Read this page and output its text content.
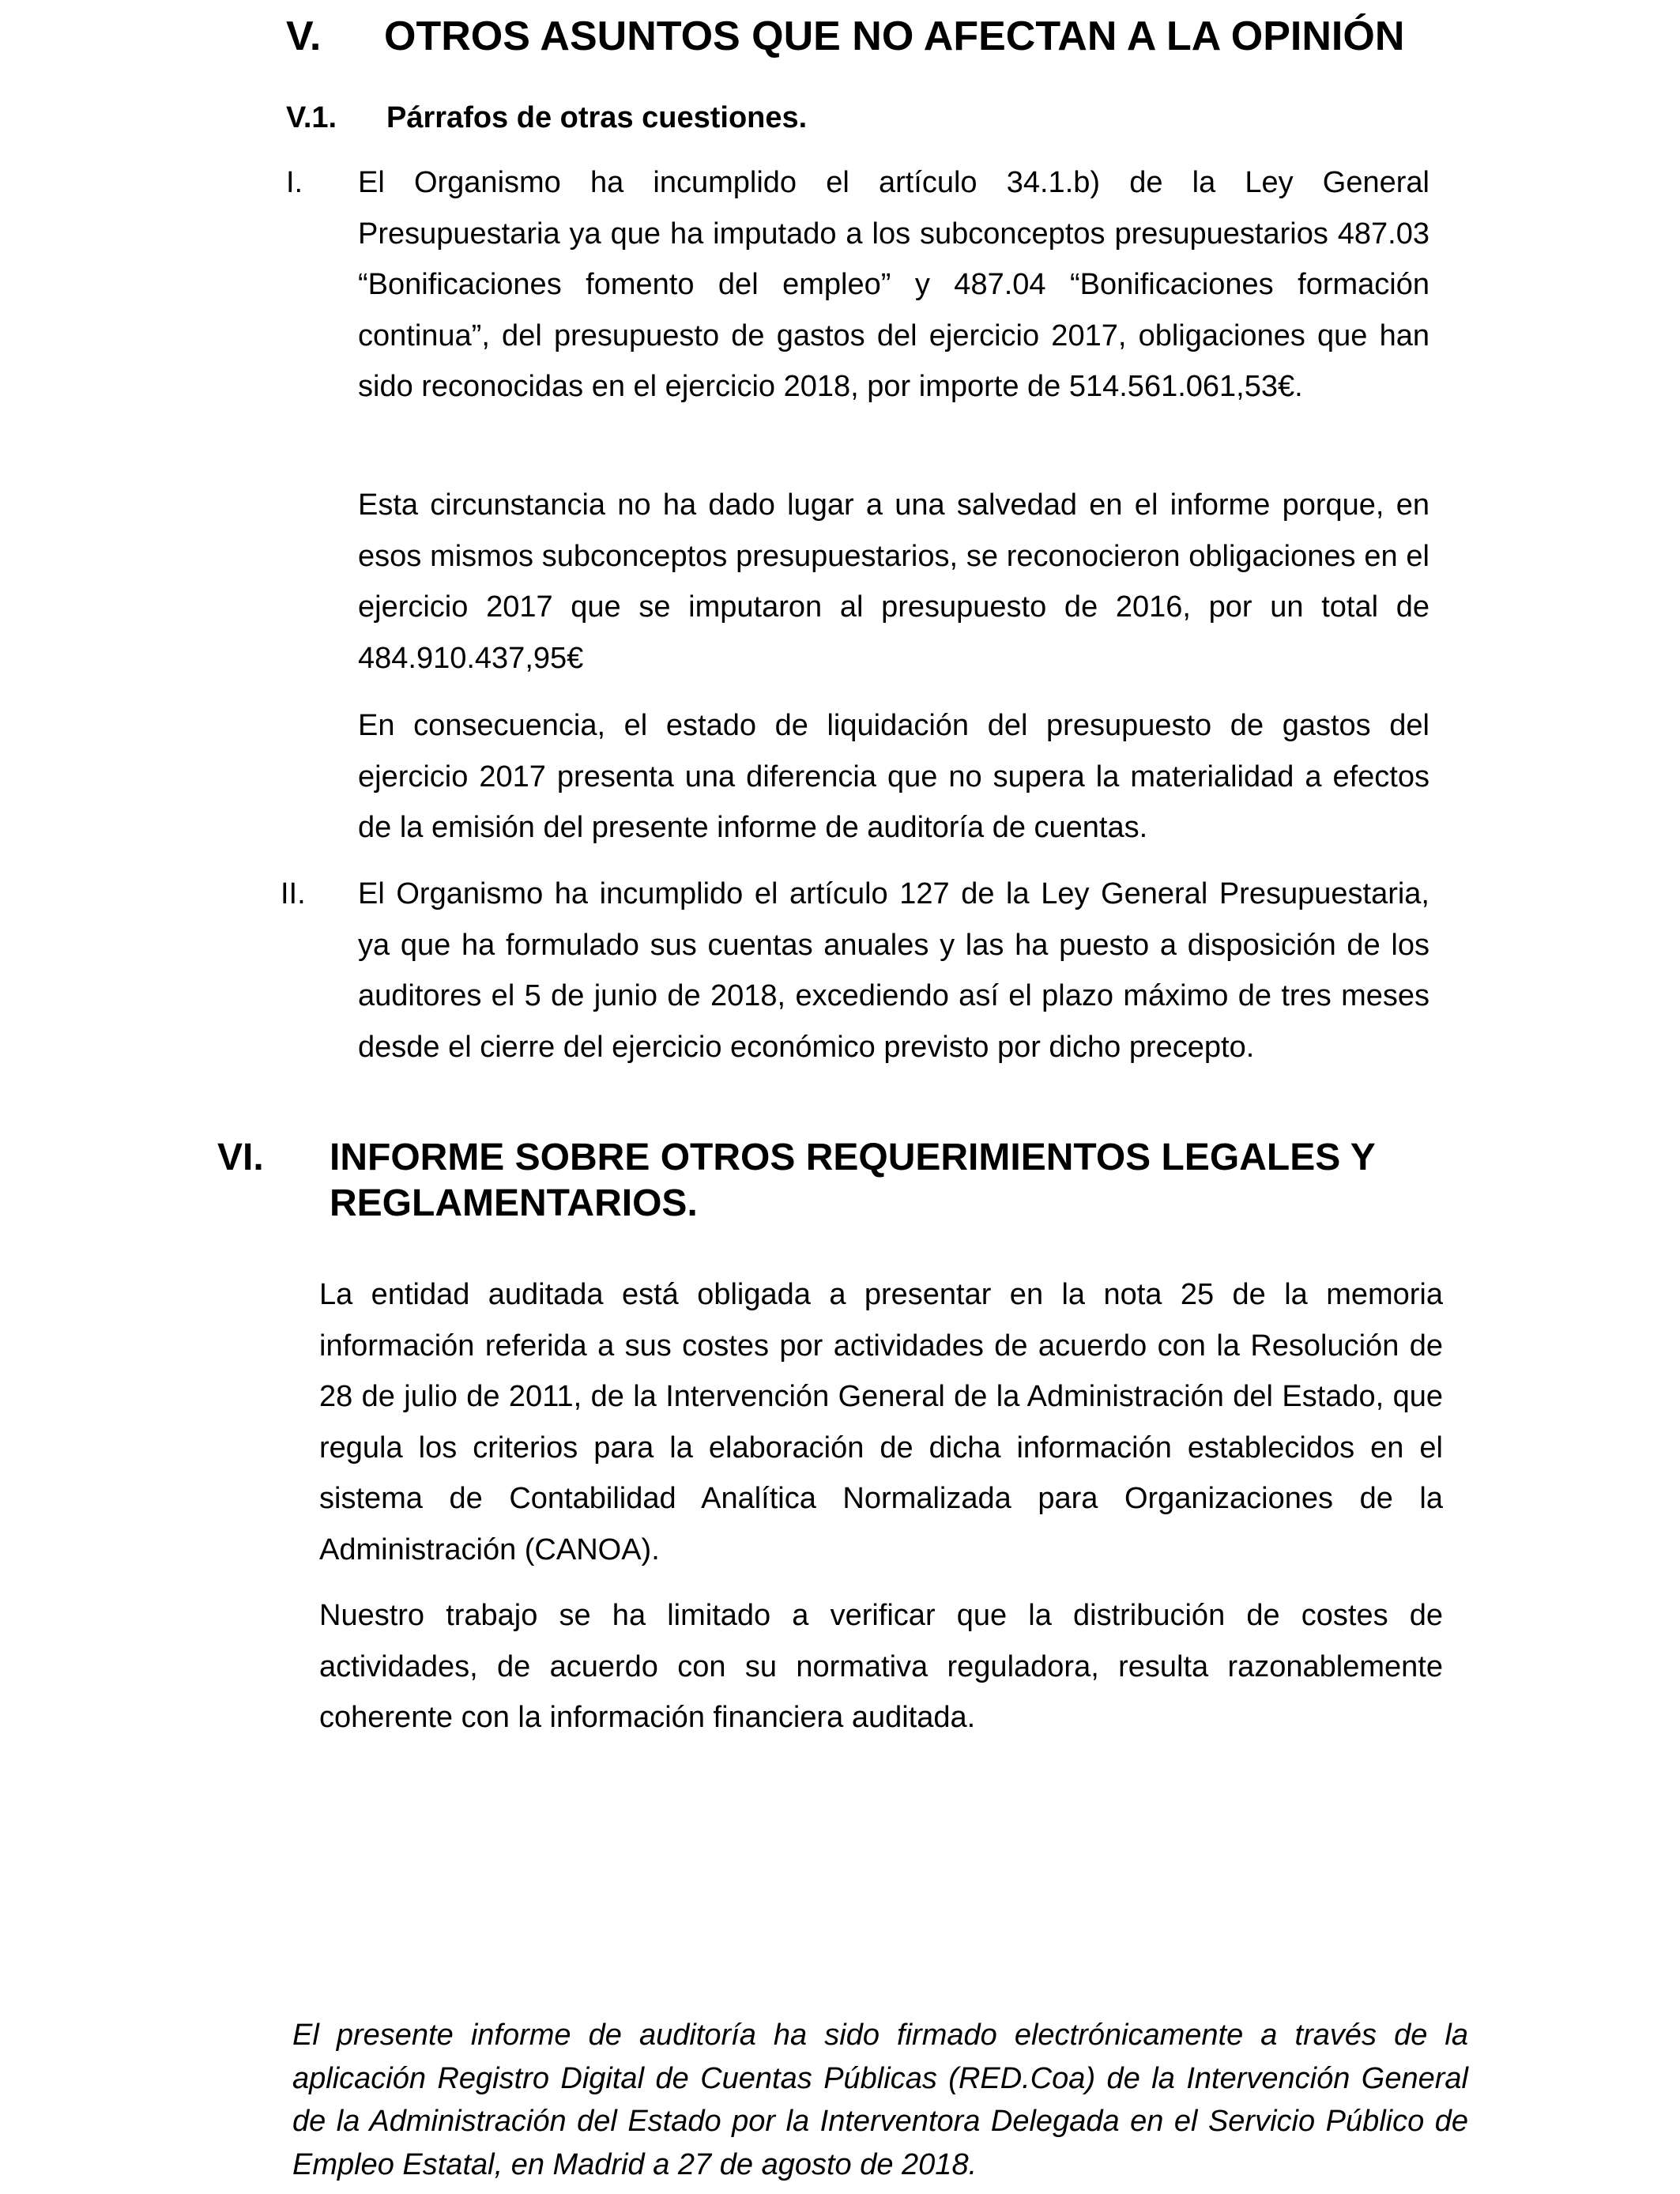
V. OTROS ASUNTOS QUE NO AFECTAN A LA OPINIÓN
V.1. Párrafos de otras cuestiones.
I. El Organismo ha incumplido el artículo 34.1.b) de la Ley General Presupuestaria ya que ha imputado a los subconceptos presupuestarios 487.03 “Bonificaciones fomento del empleo” y 487.04 “Bonificaciones formación continua”, del presupuesto de gastos del ejercicio 2017, obligaciones que han sido reconocidas en el ejercicio 2018, por importe de 514.561.061,53€.
Esta circunstancia no ha dado lugar a una salvedad en el informe porque, en esos mismos subconceptos presupuestarios, se reconocieron obligaciones en el ejercicio 2017 que se imputaron al presupuesto de 2016, por un total de 484.910.437,95€
En consecuencia, el estado de liquidación del presupuesto de gastos del ejercicio 2017 presenta una diferencia que no supera la materialidad a efectos de la emisión del presente informe de auditoría de cuentas.
II. El Organismo ha incumplido el artículo 127 de la Ley General Presupuestaria, ya que ha formulado sus cuentas anuales y las ha puesto a disposición de los auditores el 5 de junio de 2018, excediendo así el plazo máximo de tres meses desde el cierre del ejercicio económico previsto por dicho precepto.
VI. INFORME SOBRE OTROS REQUERIMIENTOS LEGALES Y
REGLAMENTARIOS.
La entidad auditada está obligada a presentar en la nota 25 de la memoria información referida a sus costes por actividades de acuerdo con la Resolución de 28 de julio de 2011, de la Intervención General de la Administración del Estado, que regula los criterios para la elaboración de dicha información establecidos en el sistema de Contabilidad Analítica Normalizada para Organizaciones de la Administración (CANOA).
Nuestro trabajo se ha limitado a verificar que la distribución de costes de actividades, de acuerdo con su normativa reguladora, resulta razonablemente coherente con la información financiera auditada.
El presente informe de auditoría ha sido firmado electrónicamente a través de la aplicación Registro Digital de Cuentas Públicas (RED.Coa) de la Intervención General de la Administración del Estado por la Interventora Delegada en el Servicio Público de Empleo Estatal, en Madrid a 27 de agosto de 2018.
